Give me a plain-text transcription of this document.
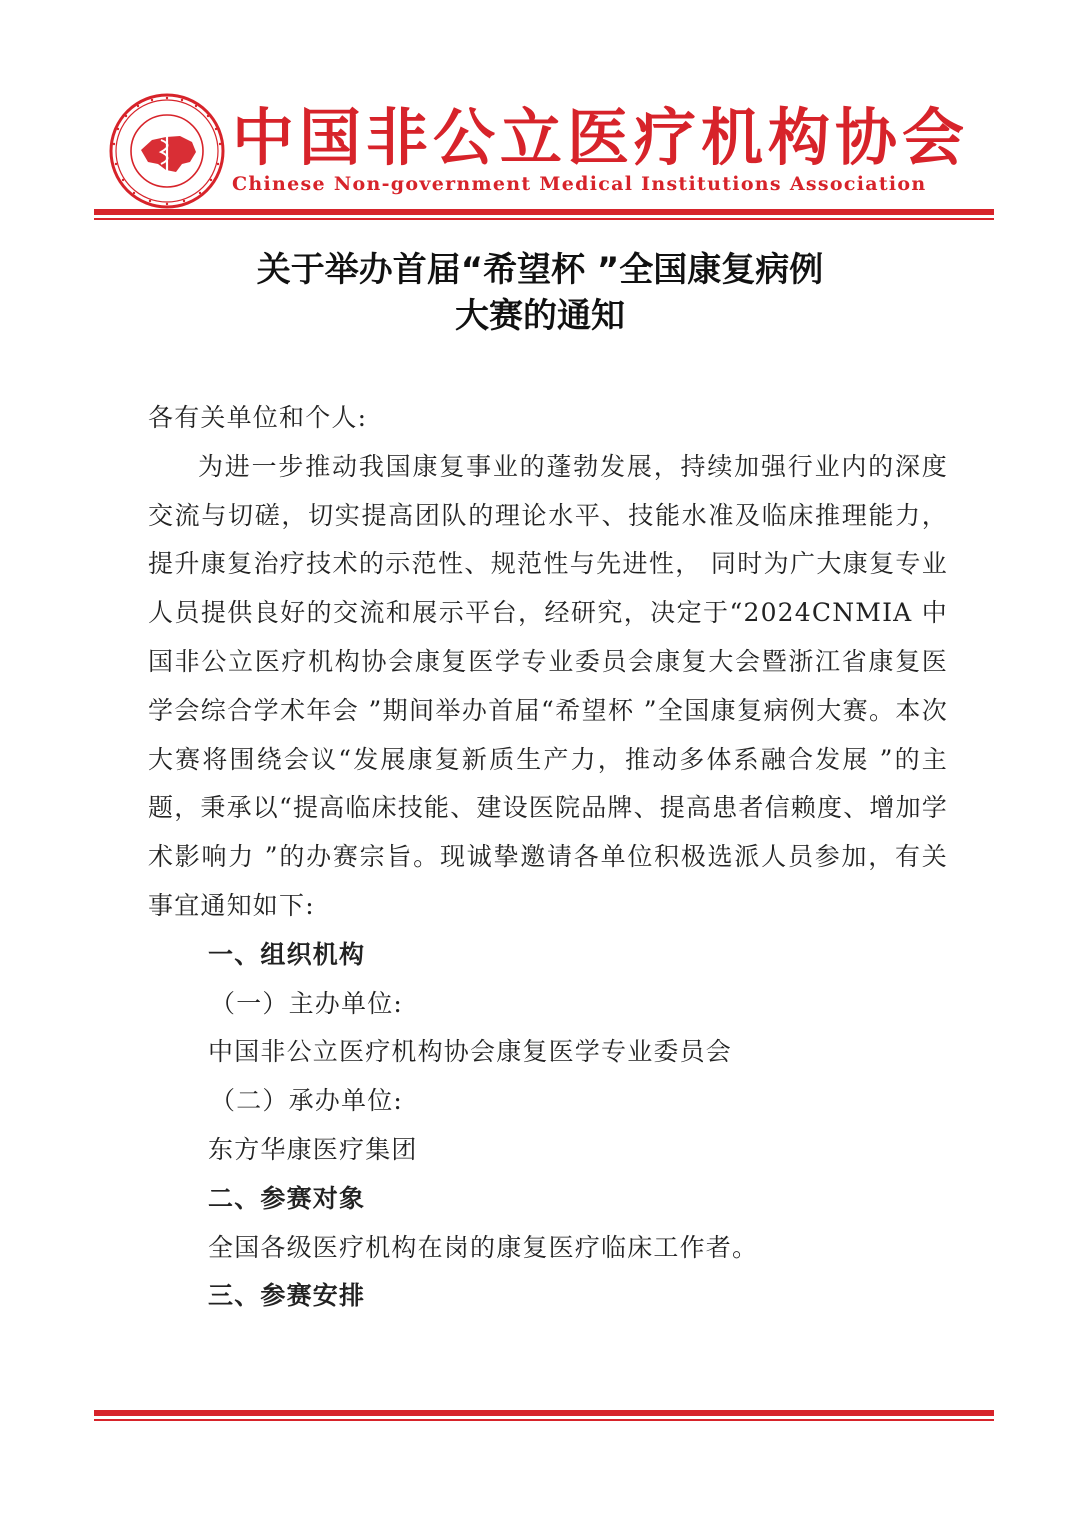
中国非公立医疗机构协会
Chinese Non-government Medical Institutions Association
关于举办首届“希望杯 ”全国康复病例
大赛的通知

各有关单位和个人:

为进一步推动我国康复事业的蓬勃发展，持续加强行业内的深度交流与切磋，切实提高团队的理论水平、技能水准及临床推理能力，提升康复治疗技术的示范性、规范性与先进性， 同时为广大康复专业人员提供良好的交流和展示平台，经研究，决定于“2024CNMIA 中国非公立医疗机构协会康复医学专业委员会康复大会暨浙江省康复医学会综合学术年会 ”期间举办首届“希望杯 ”全国康复病例大赛。本次大赛将围绕会议“发展康复新质生产力，推动多体系融合发展 ”的主题，秉承以“提高临床技能、建设医院品牌、提高患者信赖度、增加学术影响力 ”的办赛宗旨。现诚挚邀请各单位积极选派人员参加，有关事宜通知如下:

一、组织机构

（一）主办单位:

中国非公立医疗机构协会康复医学专业委员会

（二）承办单位:

东方华康医疗集团

二、参赛对象

全国各级医疗机构在岗的康复医疗临床工作者。

三、参赛安排
